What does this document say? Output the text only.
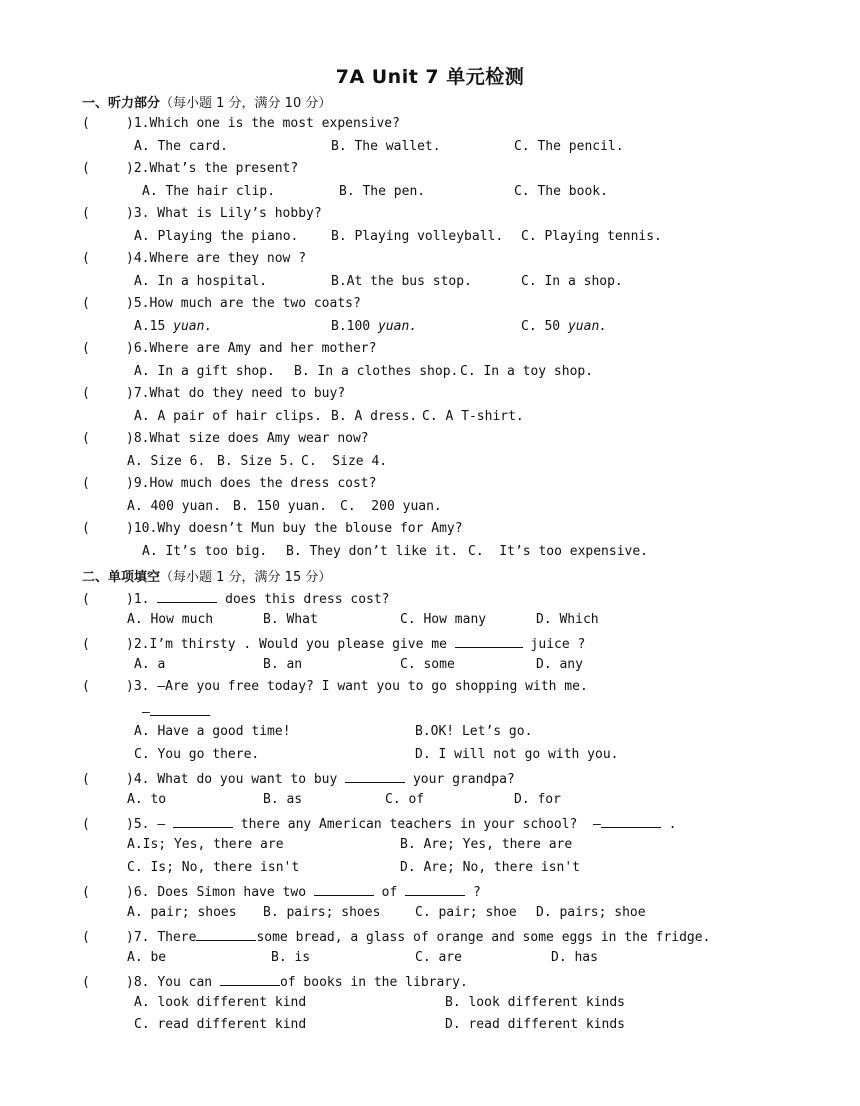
7A Unit 7 单元检测
一、听力部分（每小题 1 分，满分 10 分）
(	)1.Which one is the most expensive?
A. The card.	B. The wallet.	C. The pencil.
(	)2.What’s the present?
A. The hair clip.	B. The pen.	C. The book.
(	)3. What is Lily’s hobby?
A. Playing the piano.	B. Playing volleyball. C. Playing tennis.
(	)4.Where are they now ?
A. In a hospital.	B.At the bus stop.	C. In a shop.
(	)5.How much are the two coats?
A.15 yuan.	B.100 yuan.	C. 50 yuan.
(	)6.Where are Amy and her mother?
A. In a gift shop. B. In a clothes shop. C. In a toy shop.
(	)7.What do they need to buy?
A. A pair of hair clips. B. A dress. C. A T-shirt.
(	)8.What size does Amy wear now?
A. Size 6. B. Size 5. C.  Size 4.
(	)9.How much does the dress cost?
A. 400 yuan. B. 150 yuan. C.  200 yuan.
(	)10.Why doesn’t Mun buy the blouse for Amy?
A. It’s too big. B. They don’t like it. C.  It’s too expensive.
二、单项填空（每小题 1 分，满分 15 分）
(	)1.	does this dress cost?
A. How much	B. What	C. How many	D. Which
(	)2.I’m thirsty . Would you please give me	juice ?
A. a	B. an	C. some	D. any
(	)3. —Are you free today? I want you to go shopping with me.
—
A. Have a good time!	B.OK! Let’s go.
C. You go there.	D. I will not go with you.
(	)4. What do you want to buy	your grandpa?
A. to	B. as	C. of	D. for
(	)5. —	there any American teachers in your school?  —	.
A.Is; Yes, there are	B. Are; Yes, there are
C. Is; No, there isn't	D. Are; No, there isn't
(	)6. Does Simon have two	of	?
A. pair; shoes B. pairs; shoes	C. pair; shoe D. pairs; shoe
(	)7. There	some bread, a glass of orange and some eggs in the fridge.
A. be	B. is	C. are	D. has
(	)8. You can	of books in the library.
A. look different kind	B. look different kinds
C. read different kind	D. read different kinds
